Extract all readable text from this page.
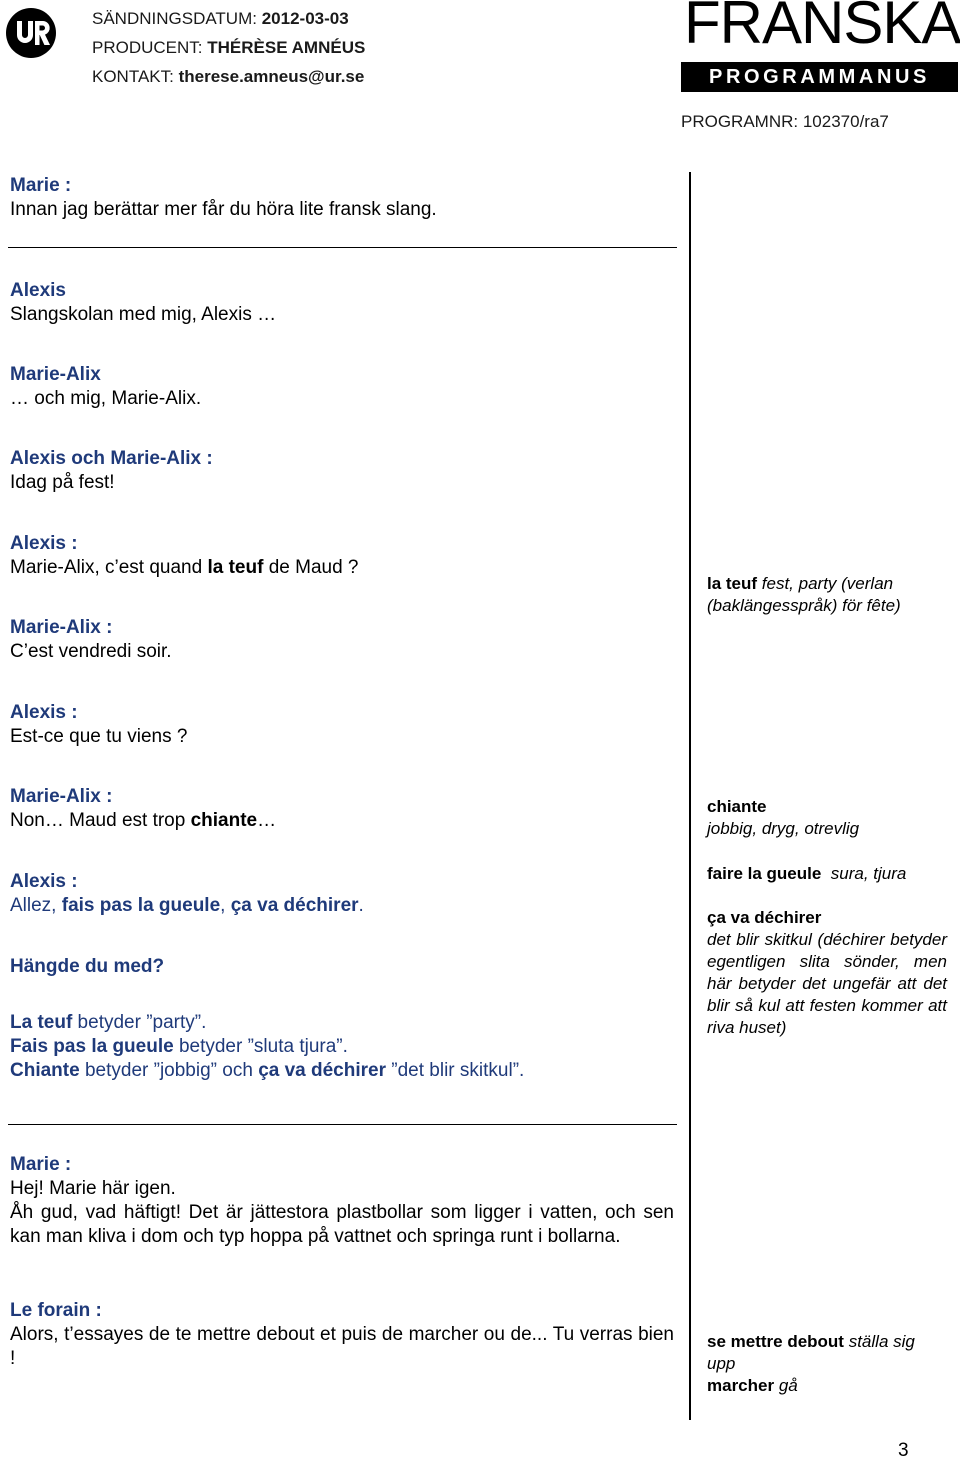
SÄNDNINGSDATUM: 2012-03-03
PRODUCENT: THÉRÈSE AMNÉUS
KONTAKT: therese.amneus@ur.se
FRANSKA
PROGRAMMANUS
PROGRAMNR: 102370/ra7
Marie :
Innan jag berättar mer får du höra lite fransk slang.
Alexis
Slangskolan med mig, Alexis …
Marie-Alix
… och mig, Marie-Alix.
Alexis och Marie-Alix :
Idag på fest!
Alexis :
Marie-Alix, c’est quand la teuf de Maud ?
Marie-Alix :
C’est vendredi soir.
Alexis :
Est-ce que tu viens ?
Marie-Alix :
Non… Maud est trop chiante…
Alexis :
Allez, fais pas la gueule, ça va déchirer.
Hängde du med?
La teuf betyder ”party”.
Fais pas la gueule betyder ”sluta tjura”.
Chiante betyder ”jobbig” och ça va déchirer ”det blir skitkul”.
Marie :
Hej! Marie här igen.
Åh gud, vad häftigt! Det är jättestora plastbollar som ligger i vatten, och sen kan man kliva i dom och typ hoppa på vattnet och springa runt i bollarna.
Le forain :
Alors, t’essayes de te mettre debout et puis de marcher ou de... Tu verras bien !
la teuf fest, party (verlan (baklängesspråk) för fête)
chiante
jobbig, dryg, otrevlig
faire la gueule sura, tjura
ça va déchirer
det blir skitkul (déchirer betyder egentligen slita sönder, men här betyder det ungefär att det blir så kul att festen kommer att riva huset)
se mettre debout ställa sig upp
marcher gå
3
